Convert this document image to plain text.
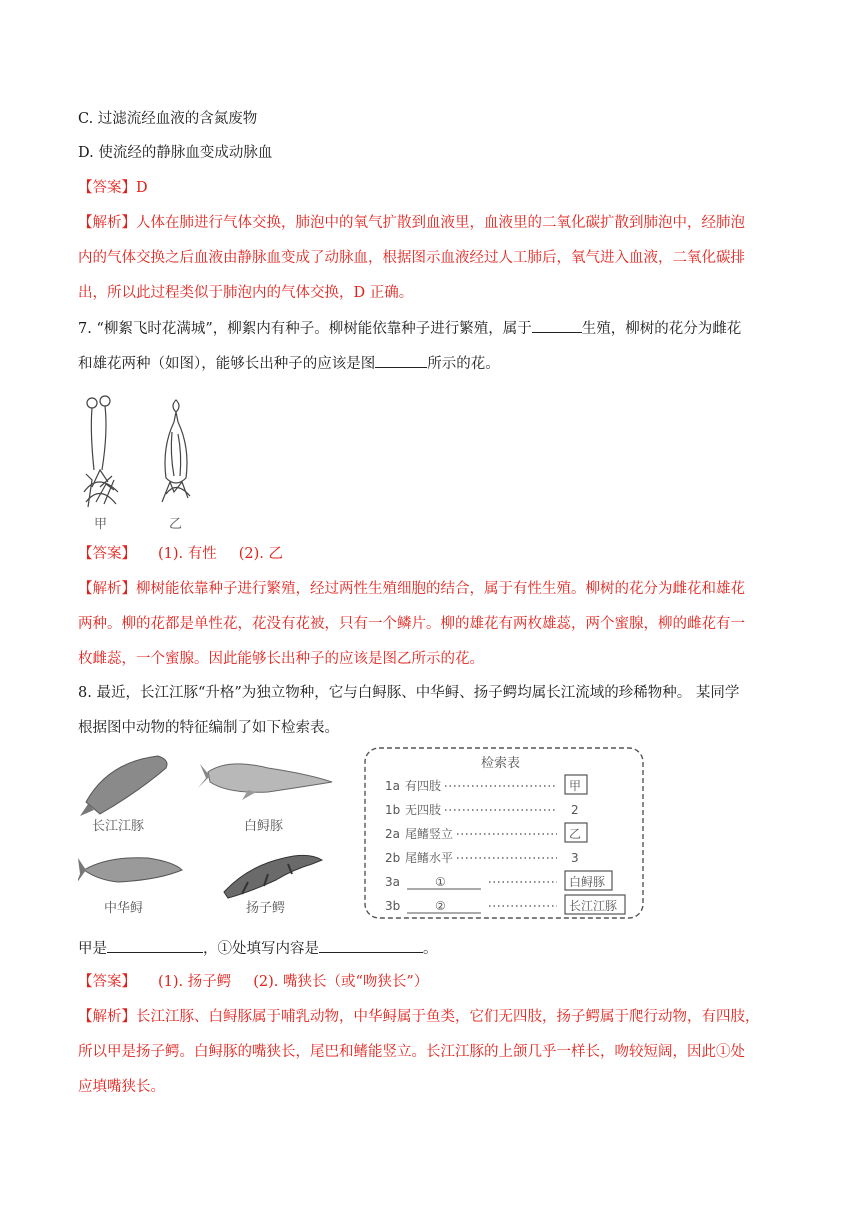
C. 过滤流经血液的含氮废物
D. 使流经的静脉血变成动脉血
【答案】D
【解析】人体在肺进行气体交换，肺泡中的氧气扩散到血液里，血液里的二氧化碳扩散到肺泡中，经肺泡
内的气体交换之后血液由静脉血变成了动脉血，根据图示血液经过人工肺后，氧气进入血液，二氧化碳排
出，所以此过程类似于肺泡内的气体交换，D 正确。
7. “柳絮飞时花满城”，柳絮内有种子。柳树能依靠种子进行繁殖，属于	生殖，柳树的花分为雌花
和雄花两种（如图），能够长出种子的应该是图	所示的花。
甲	乙
【答案】 (1). 有性 (2). 乙
【解析】柳树能依靠种子进行繁殖，经过两性生殖细胞的结合，属于有性生殖。柳树的花分为雌花和雄花
两种。柳的花都是单性花，花没有花被，只有一个鳞片。柳的雄花有两枚雄蕊，两个蜜腺，柳的雌花有一
枚雌蕊，一个蜜腺。因此能够长出种子的应该是图乙所示的花。
8. 最近，长江江豚“升格”为独立物种，它与白鲟豚、中华鲟、扬子鳄均属长江流域的珍稀物种。 某同学
根据图中动物的特征编制了如下检索表。
长江江豚	白鲟豚
中华鲟	扬子鳄
检索表
1a 有四肢	甲
1b 无四肢	2
2a 尾鳍竖立	乙
2b 尾鳍水平	3
3a	①	白鲟豚
3b	②	长江江豚
甲是	，①处填写内容是	。
【答案】 (1). 扬子鳄 (2). 嘴狭长（或“吻狭长”）
【解析】长江江豚、白鲟豚属于哺乳动物，中华鲟属于鱼类，它们无四肢，扬子鳄属于爬行动物，有四肢，
所以甲是扬子鳄。白鲟豚的嘴狭长，尾巴和鳍能竖立。长江江豚的上颌几乎一样长，吻较短阔，因此①处
应填嘴狭长。
